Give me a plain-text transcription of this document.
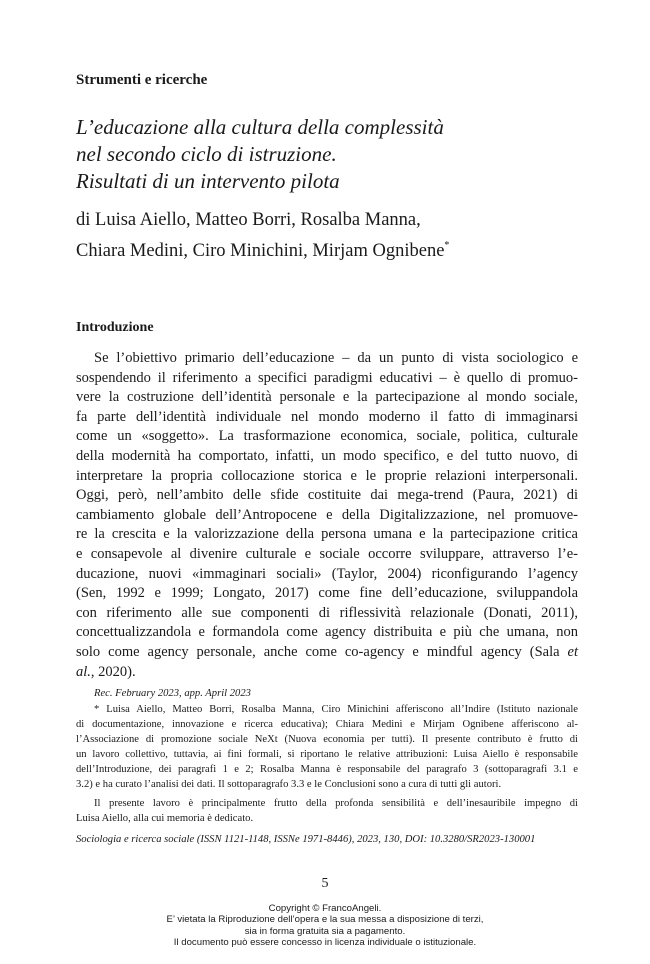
Strumenti e ricerche
L’educazione alla cultura della complessità
nel secondo ciclo di istruzione.
Risultati di un intervento pilota
di Luisa Aiello, Matteo Borri, Rosalba Manna,
Chiara Medini, Ciro Minichini, Mirjam Ognibene*
Introduzione
Se l’obiettivo primario dell’educazione – da un punto di vista sociologico e
sospendendo il riferimento a specifici paradigmi educativi – è quello di promuo-
vere la costruzione dell’identità personale e la partecipazione al mondo sociale,
fa parte dell’identità individuale nel mondo moderno il fatto di immaginarsi
come un «soggetto». La trasformazione economica, sociale, politica, culturale
della modernità ha comportato, infatti, un modo specifico, e del tutto nuovo, di
interpretare la propria collocazione storica e le proprie relazioni interpersonali.
Oggi, però, nell’ambito delle sfide costituite dai mega-trend (Paura, 2021) di
cambiamento globale dell’Antropocene e della Digitalizzazione, nel promuove-
re la crescita e la valorizzazione della persona umana e la partecipazione critica
e consapevole al divenire culturale e sociale occorre sviluppare, attraverso l’e-
ducazione, nuovi «immaginari sociali» (Taylor, 2004) riconfigurando l’agency
(Sen, 1992 e 1999; Longato, 2017) come fine dell’educazione, sviluppandola
con riferimento alle sue componenti di riflessività relazionale (Donati, 2011),
concettualizzandola e formandola come agency distribuita e più che umana, non
solo come agency personale, anche come co-agency e mindful agency (Sala et
al., 2020).
Rec. February 2023, app. April 2023
* Luisa Aiello, Matteo Borri, Rosalba Manna, Ciro Minichini afferiscono all’Indire (Istituto nazionale
di documentazione, innovazione e ricerca educativa); Chiara Medini e Mirjam Ognibene afferiscono al-
l’Associazione di promozione sociale NeXt (Nuova economia per tutti). Il presente contributo è frutto di
un lavoro collettivo, tuttavia, ai fini formali, si riportano le relative attribuzioni: Luisa Aiello è responsabile
dell’Introduzione, dei paragrafi 1 e 2; Rosalba Manna è responsabile del paragrafo 3 (sottoparagrafi 3.1 e
3.2) e ha curato l’analisi dei dati. Il sottoparagrafo 3.3 e le Conclusioni sono a cura di tutti gli autori.
Il presente lavoro è principalmente frutto della profonda sensibilità e dell’inesauribile impegno di
Luisa Aiello, alla cui memoria è dedicato.
Sociologia e ricerca sociale (ISSN 1121-1148, ISSNe 1971-8446), 2023, 130, DOI: 10.3280/SR2023-130001
5
Copyright © FrancoAngeli.
E’ vietata la Riproduzione dell’opera e la sua messa a disposizione di terzi,
sia in forma gratuita sia a pagamento.
Il documento può essere concesso in licenza individuale o istituzionale.
